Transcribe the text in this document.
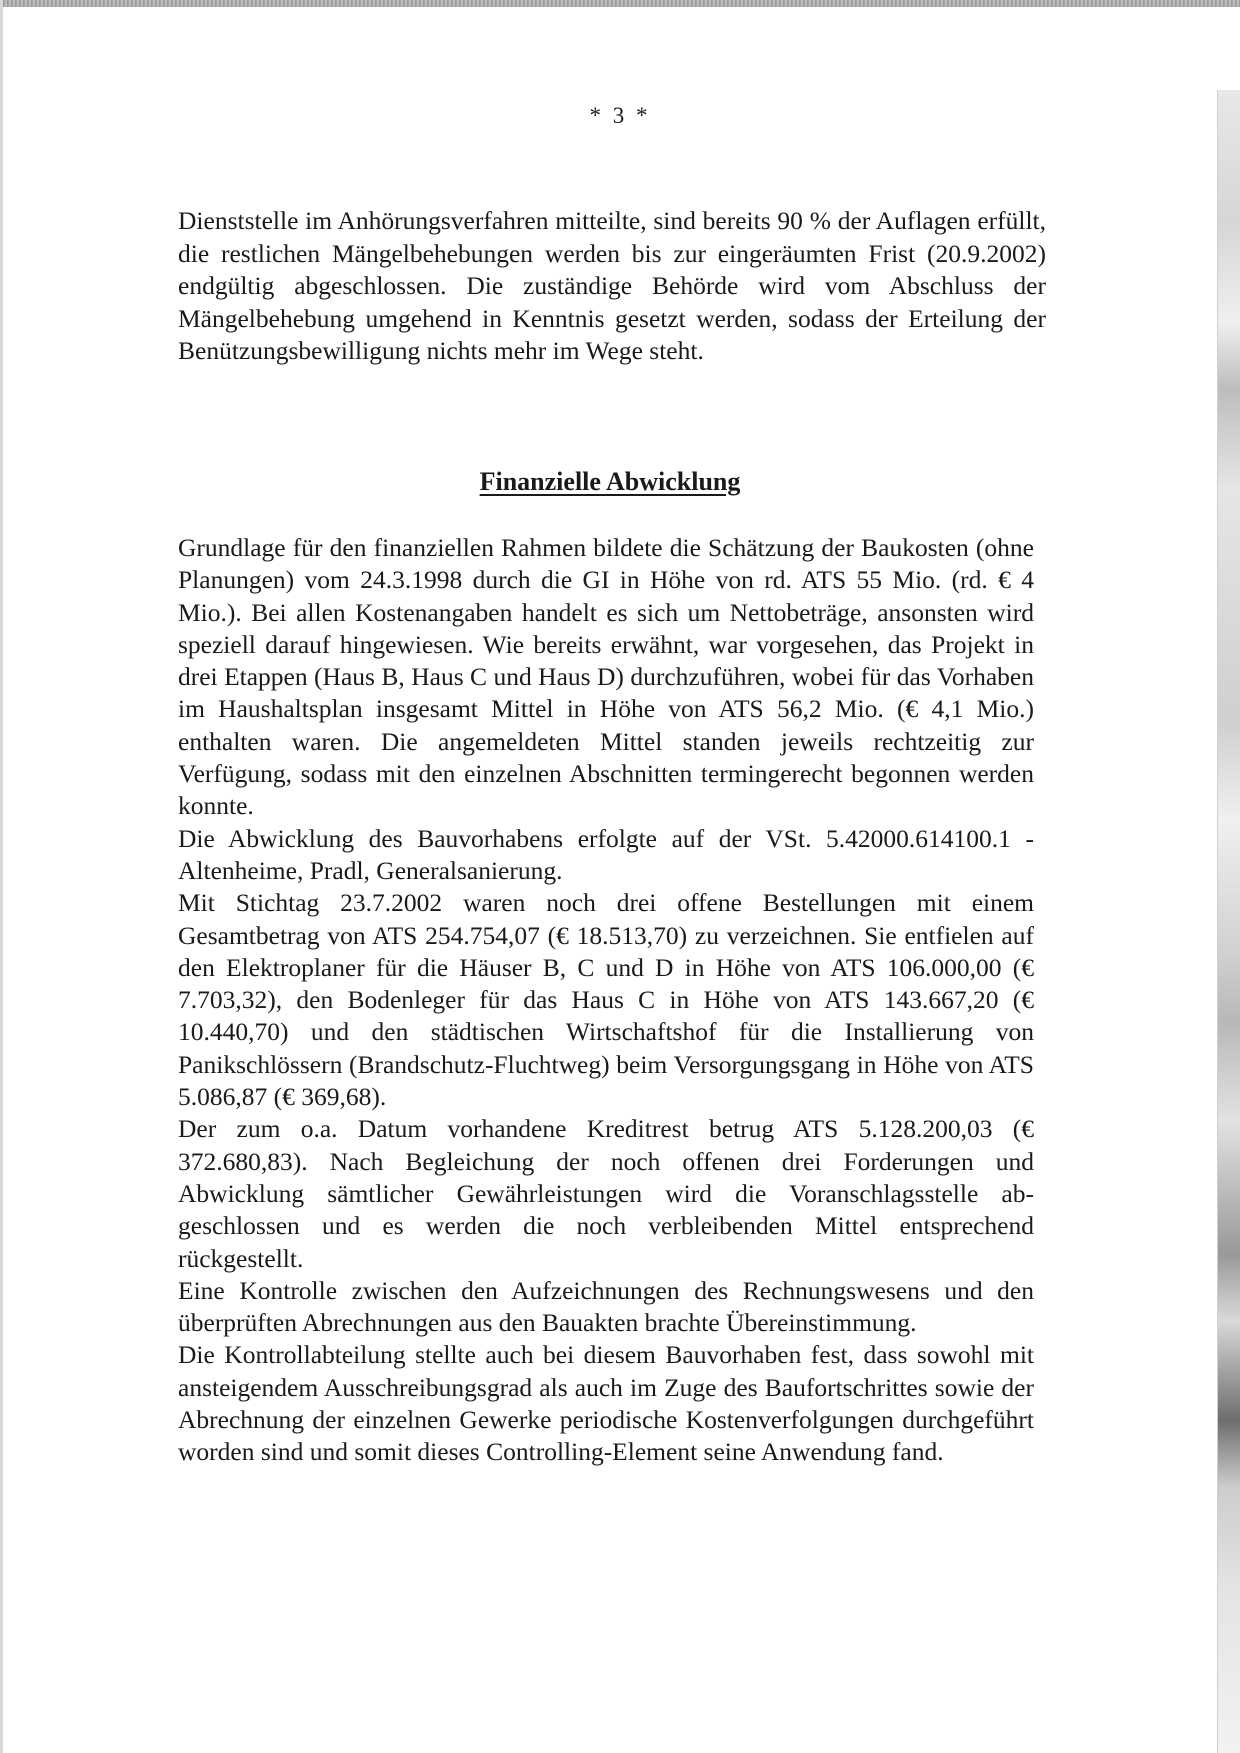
* 3 *

Dienststelle im Anhörungsverfahren mitteilte, sind bereits 90 % der Auflagen erfüllt, die restlichen Mängelbehebungen werden bis zur eingeräumten Frist (20.9.2002) endgültig abgeschlossen. Die zuständige Behörde wird vom Abschluss der Mängelbehebung umgehend in Kenntnis gesetzt werden, sodass der Erteilung der Benützungsbewilligung nichts mehr im Wege steht.

Finanzielle Abwicklung

Grundlage für den finanziellen Rahmen bildete die Schätzung der Baukosten (ohne Planungen) vom 24.3.1998 durch die GI in Höhe von rd. ATS 55 Mio. (rd. € 4 Mio.). Bei allen Kostenangaben handelt es sich um Nettobeträge, ansonsten wird speziell darauf hingewiesen. Wie bereits erwähnt, war vorgesehen, das Projekt in drei Etappen (Haus B, Haus C und Haus D) durchzuführen, wobei für das Vorhaben im Haushaltsplan insgesamt Mittel in Höhe von ATS 56,2 Mio. (€ 4,1 Mio.) enthalten waren. Die angemeldeten Mittel standen jeweils rechtzeitig zur Verfügung, sodass mit den einzelnen Abschnitten termingerecht begonnen werden konnte.

Die Abwicklung des Bauvorhabens erfolgte auf der VSt. 5.42000.614100.1 - Altenheime, Pradl, Generalsanierung.

Mit Stichtag 23.7.2002 waren noch drei offene Bestellungen mit einem Gesamtbetrag von ATS 254.754,07 (€ 18.513,70) zu verzeichnen. Sie entfielen auf den Elektroplaner für die Häuser B, C und D in Höhe von ATS 106.000,00 (€ 7.703,32), den Bodenleger für das Haus C in Höhe von ATS 143.667,20 (€ 10.440,70) und den städtischen Wirtschaftshof für die Installierung von Panikschlössern (Brandschutz-Fluchtweg) beim Versorgungsgang in Höhe von ATS 5.086,87 (€ 369,68).

Der zum o.a. Datum vorhandene Kreditrest betrug ATS 5.128.200,03 (€ 372.680,83). Nach Begleichung der noch offenen drei Forderungen und Abwicklung sämtlicher Gewährleistungen wird die Voranschlagsstelle abgeschlossen und es werden die noch verbleibenden Mittel entsprechend rückgestellt.

Eine Kontrolle zwischen den Aufzeichnungen des Rechnungswesens und den überprüften Abrechnungen aus den Bauakten brachte Übereinstimmung.

Die Kontrollabteilung stellte auch bei diesem Bauvorhaben fest, dass sowohl mit ansteigendem Ausschreibungsgrad als auch im Zuge des Baufortschrittes sowie der Abrechnung der einzelnen Gewerke periodische Kostenverfolgungen durchgeführt worden sind und somit dieses Controlling-Element seine Anwendung fand.
